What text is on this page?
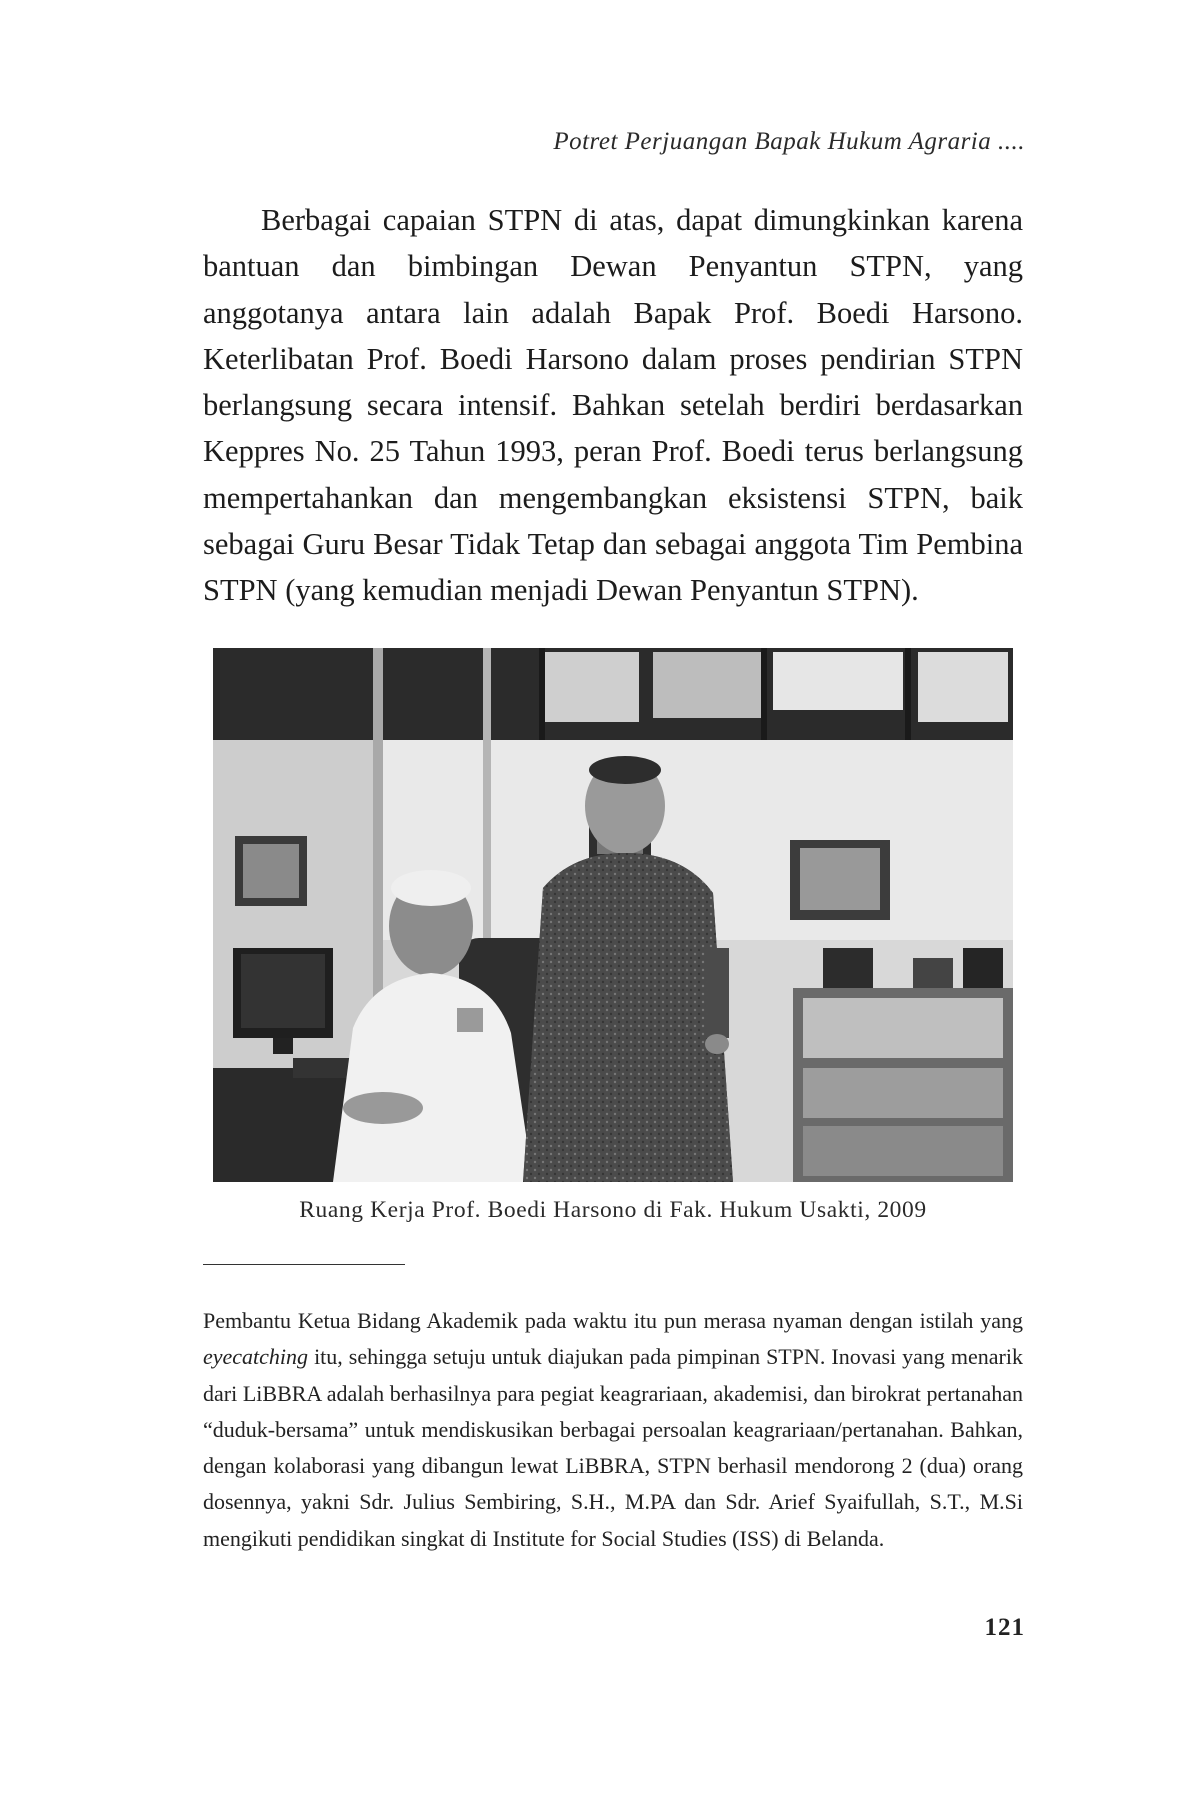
Potret Perjuangan Bapak Hukum Agraria ....

Berbagai capaian STPN di atas, dapat dimungkinkan karena bantuan dan bimbingan Dewan Penyantun STPN, yang anggotanya antara lain adalah Bapak Prof. Boedi Harsono. Keterlibatan Prof. Boedi Harsono dalam proses pendirian STPN berlangsung secara intensif. Bahkan setelah berdiri berdasarkan Keppres No. 25 Tahun 1993, peran Prof. Boedi terus berlangsung mempertahankan dan mengembangkan eksistensi STPN, baik sebagai Guru Besar Tidak Tetap dan sebagai anggota Tim Pembina STPN (yang kemudian menjadi Dewan Penyantun STPN).

Ruang Kerja Prof. Boedi Harsono di Fak. Hukum Usakti, 2009

Pembantu Ketua Bidang Akademik pada waktu itu pun merasa nyaman dengan istilah yang eyecatching itu, sehingga setuju untuk diajukan pada pimpinan STPN. Inovasi yang menarik dari LiBBRA adalah berhasilnya para pegiat keagrariaan, akademisi, dan birokrat pertanahan “duduk-bersama” untuk mendiskusikan berbagai persoalan keagrariaan/pertanahan. Bahkan, dengan kolaborasi yang dibangun lewat LiBBRA, STPN berhasil mendorong 2 (dua) orang dosennya, yakni Sdr. Julius Sembiring, S.H., M.PA dan Sdr. Arief Syaifullah, S.T., M.Si mengikuti pendidikan singkat di Institute for Social Studies (ISS) di Belanda.

121
